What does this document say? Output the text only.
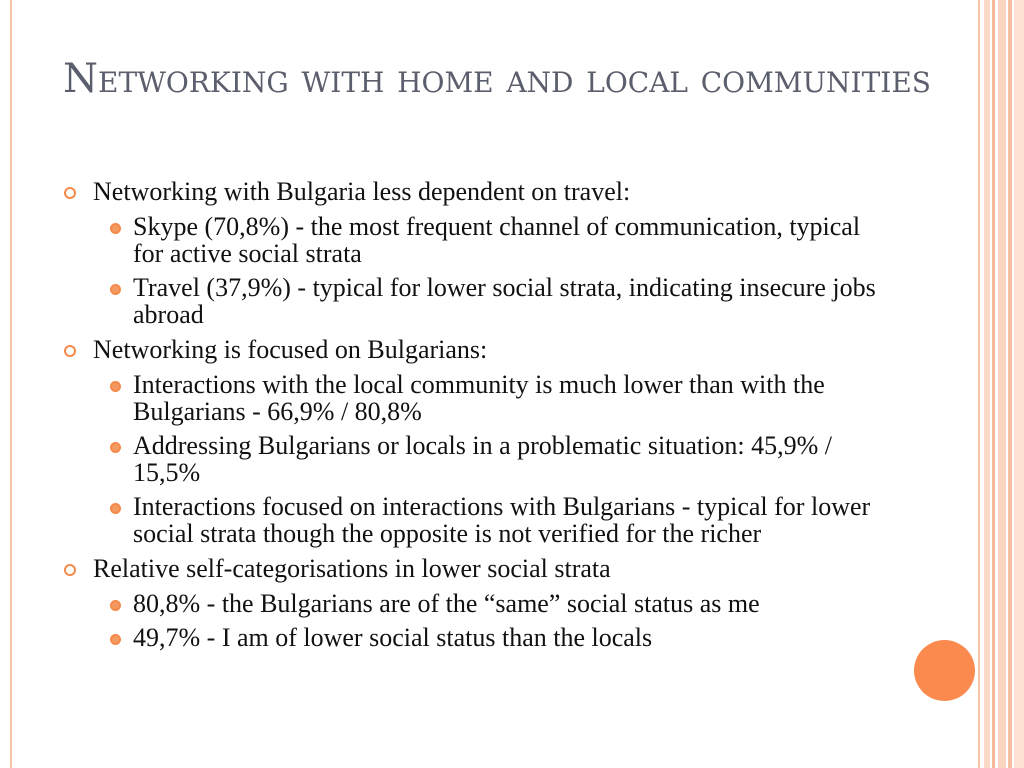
Networking with home and local communities
Networking with Bulgaria less dependent on travel:
Skype (70,8%) - the most frequent channel of communication, typical for active social strata
Travel (37,9%) - typical for lower social strata, indicating insecure jobs abroad
Networking is focused on Bulgarians:
Interactions with the local community is much lower than with the Bulgarians - 66,9% / 80,8%
Addressing Bulgarians or locals in a problematic situation: 45,9% / 15,5%
Interactions focused on interactions with Bulgarians - typical for lower social strata though the opposite is not verified for the richer
Relative self-categorisations in lower social strata
80,8% - the Bulgarians are of the “same” social status as me
49,7% - I am of lower social status than the locals
